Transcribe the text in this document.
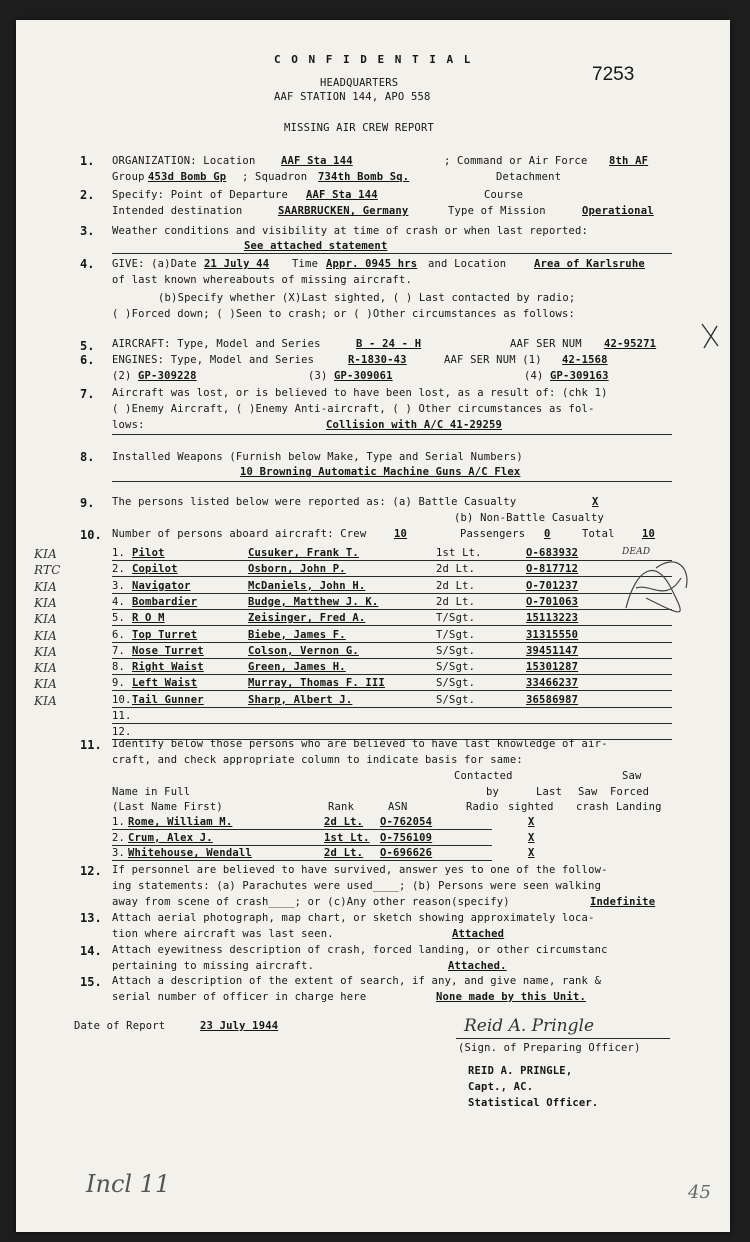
C O N F I D E N T I A L
7253
HEADQUARTERS
AAF STATION 144, APO 558
MISSING AIR CREW REPORT
1. ORGANIZATION: Location AAF Sta 144	; Command or Air Force 8th AF
Group 453d Bomb Gp ; Squadron 734th Bomb Sq.	Detachment
2. Specify: Point of Departure AAF Sta 144	Course
Intended destination	SAARBRUCKEN, Germany	Type of Mission	Operational
3. Weather conditions and visibility at time of crash or when last reported:
See attached statement
4. GIVE: (a)Date 21 July 44 Time Appr. 0945 hrs and Location	Area of Karlsruhe
of last known whereabouts of missing aircraft.
(b)Specify whether (X)Last sighted, ( ) Last contacted by radio;
( )Forced down; ( )Seen to crash; or ( )Other circumstances as follows:
5. AIRCRAFT: Type, Model and Series	B - 24 - H	AAF SER NUM 42-95271
6. ENGINES: Type, Model and Series	R-1830-43	AAF SER NUM (1) 42-1568
(2) GP-309228	(3) GP-309061	(4) GP-309163
7. Aircraft was lost, or is believed to have been lost, as a result of: (chk 1)
( )Enemy Aircraft, ( )Enemy Anti-aircraft, ( ) Other circumstances as fol-
lows:	Collision with A/C 41-29259
8. Installed Weapons (Furnish below Make, Type and Serial Numbers)
10 Browning Automatic Machine Guns A/C Flex
9. The persons listed below were reported as: (a) Battle Casualty	X
(b) Non-Battle Casualty
10. Number of persons aboard aircraft: Crew	10	Passengers 0	Total	10
1. Pilot	Cusuker, Frank T.	1st Lt.	O-683932	DEAD
KIA
2. Copilot	Osborn, John P.	2d Lt.	O-817712
RTC
3. Navigator	McDaniels, John H.	2d Lt.	O-701237
KIA
4. Bombardier	Budge, Matthew J. K.	2d Lt.	O-701063
KIA
5. R O M	Zeisinger, Fred A.	T/Sgt.	15113223
KIA
6. Top Turret	Biebe, James F.	T/Sgt.	31315550
KIA
7. Nose Turret	Colson, Vernon G.	S/Sgt.	39451147
KIA
8. Right Waist	Green, James H.	S/Sgt.	15301287
KIA
9. Left Waist	Murray, Thomas F. III	S/Sgt.	33466237
KIA
10. Tail Gunner	Sharp, Albert J.	S/Sgt.	36586987
KIA
11.
12.
11. Identify below those persons who are believed to have last knowledge of air-
craft, and check appropriate column to indicate basis for same:
Contacted	Saw
Name in Full	by	Last Saw Forced
(Last Name First)	Rank	ASN	Radio sighted crash Landing
1. Rome, William M.	2d Lt. O-762054	X
2. Crum, Alex J.	1st Lt. O-756109	X
3. Whitehouse, Wendall	2d Lt. O-696626	X
12. If personnel are believed to have survived, answer yes to one of the follow-
ing statements: (a) Parachutes were used____; (b) Persons were seen walking
away from scene of crash____; or (c)Any other reason(specify)	Indefinite
13. Attach aerial photograph, map chart, or sketch showing approximately loca-
tion where aircraft was last seen.	Attached
14. Attach eyewitness description of crash, forced landing, or other circumstanc
pertaining to missing aircraft.	Attached.
15. Attach a description of the extent of search, if any, and give name, rank &
serial number of officer in charge here	None made by this Unit.
Date of Report	23 July 1944	Reid A. Pringle
(Sign. of Preparing Officer)
REID A. PRINGLE,
Capt., AC.
Statistical Officer.
Incl 11	45
